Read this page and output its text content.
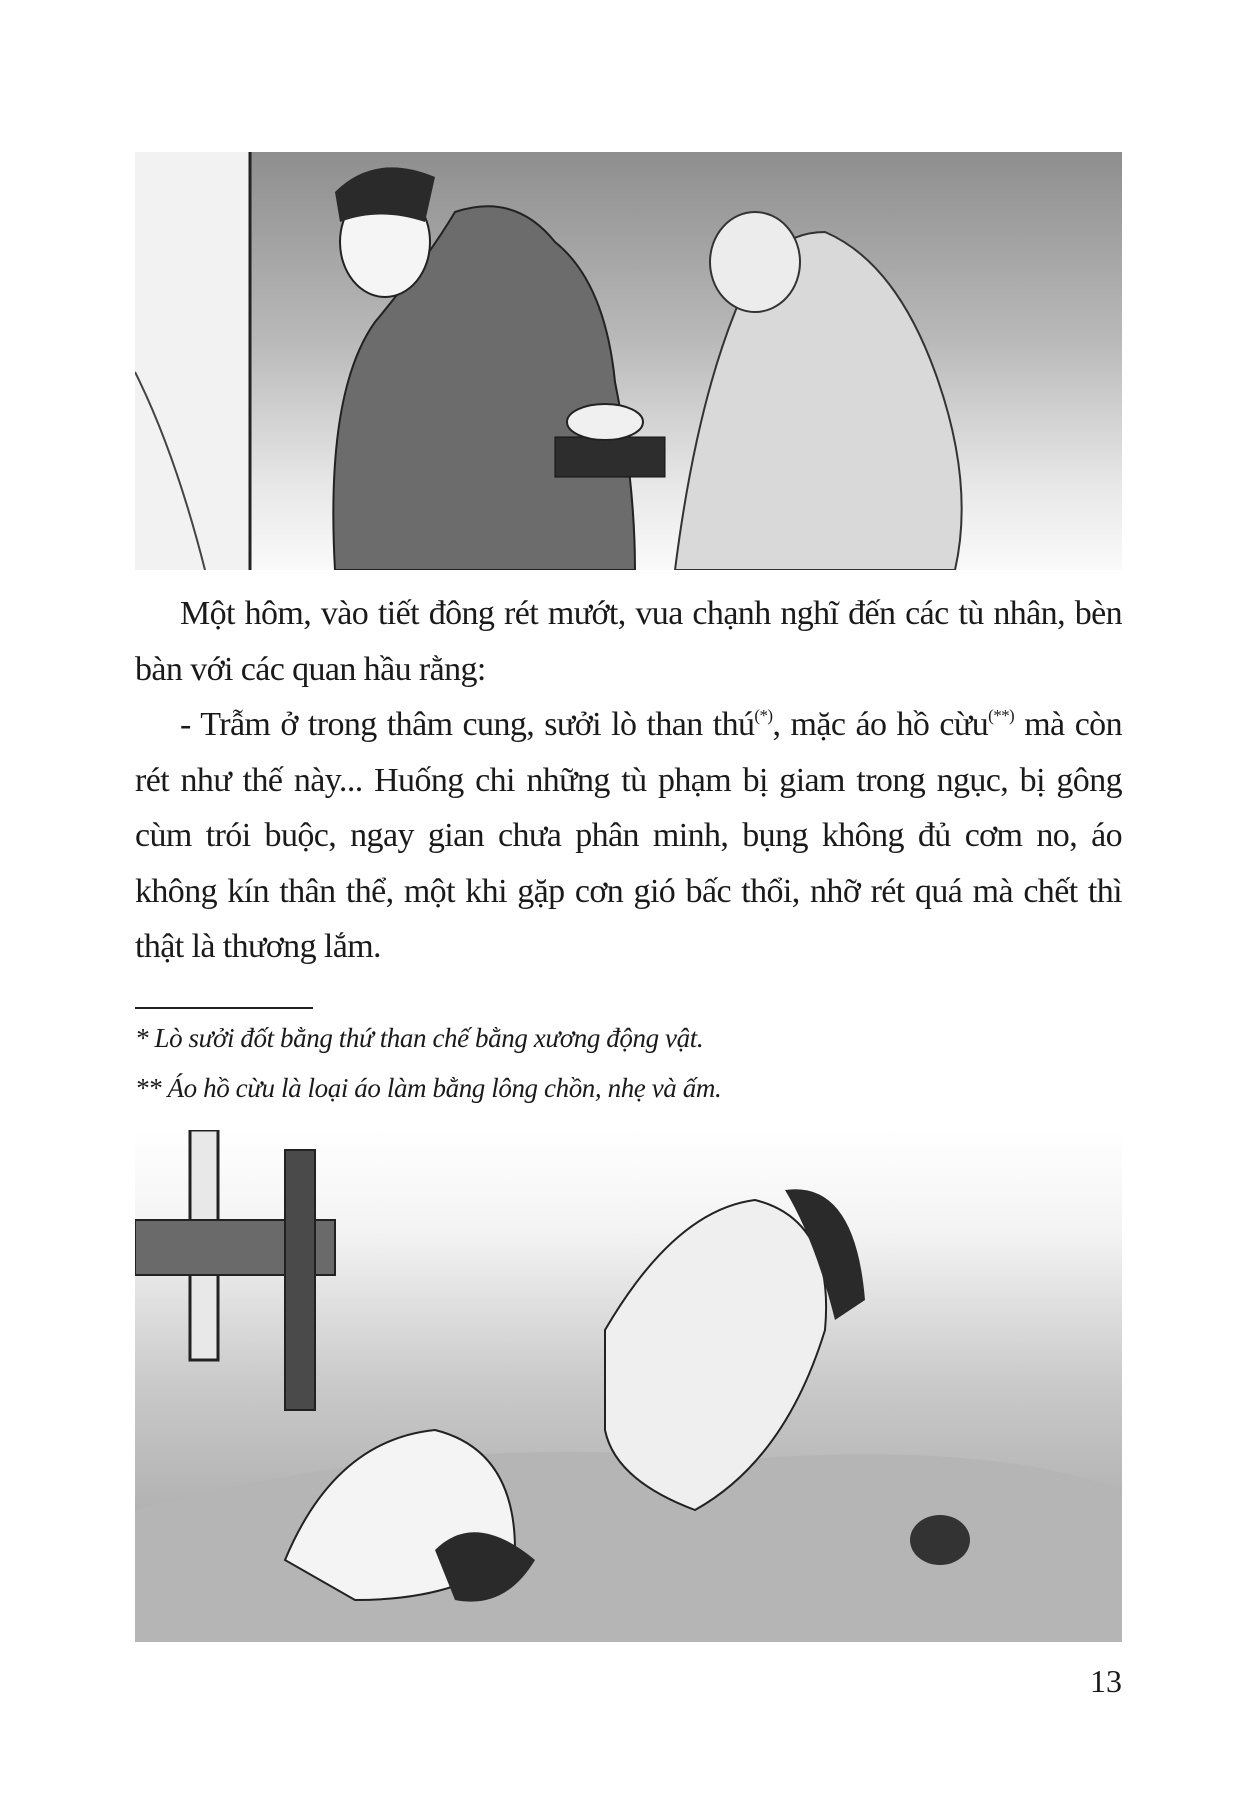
Một hôm, vào tiết đông rét mướt, vua chạnh nghĩ đến các tù nhân, bèn bàn với các quan hầu rằng:

- Trẫm ở trong thâm cung, sưởi lò than thú(*), mặc áo hồ cừu(**) mà còn rét như thế này... Huống chi những tù phạm bị giam trong ngục, bị gông cùm trói buộc, ngay gian chưa phân minh, bụng không đủ cơm no, áo không kín thân thể, một khi gặp cơn gió bấc thổi, nhỡ rét quá mà chết thì thật là thương lắm.

* Lò sưởi đốt bằng thứ than chế bằng xương động vật.
** Áo hồ cừu là loại áo làm bằng lông chồn, nhẹ và ấm.
13
